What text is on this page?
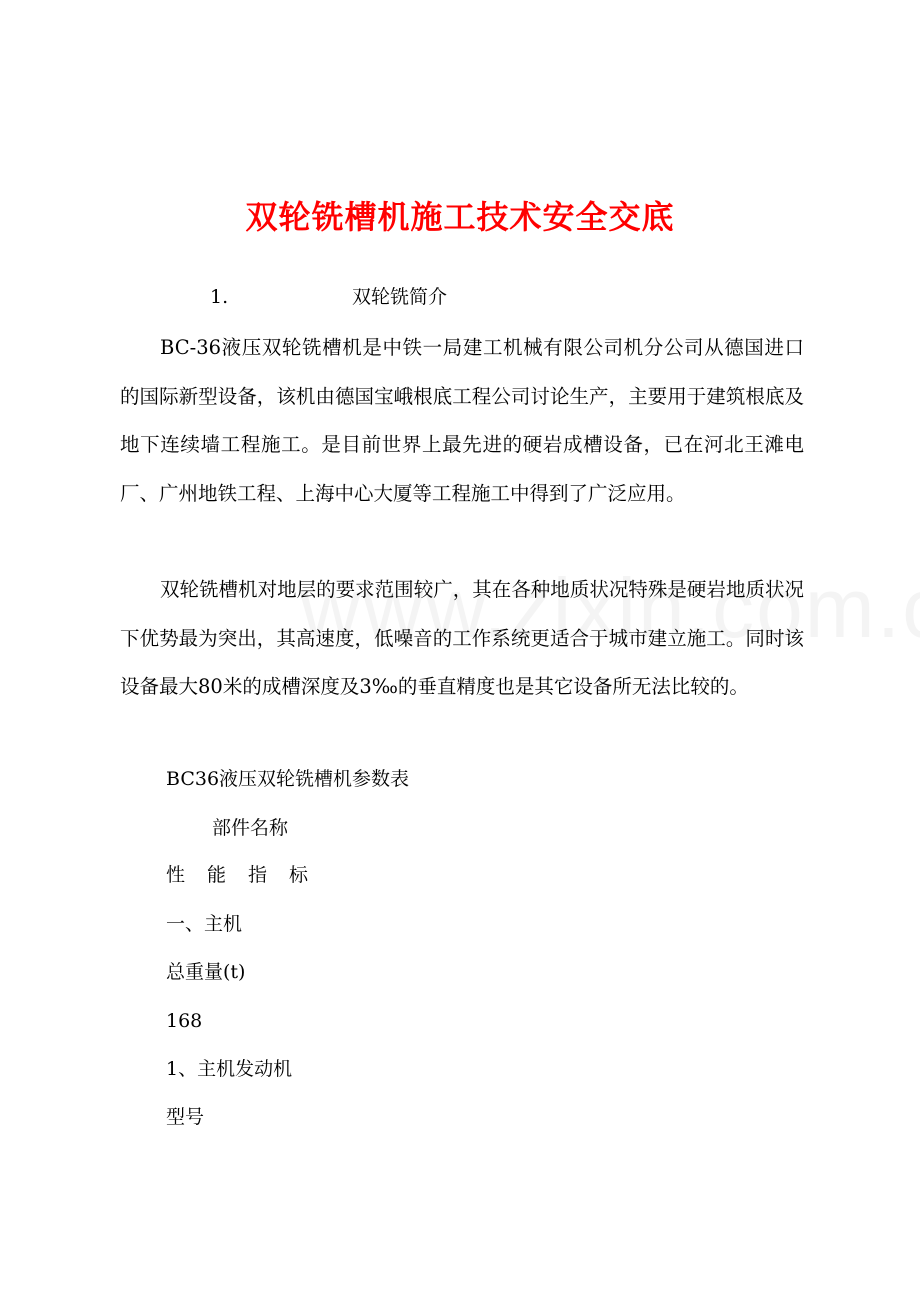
双轮铣槽机施工技术安全交底
1.	双轮铣简介

BC-36液压双轮铣槽机是中铁一局建工机械有限公司机分公司从德国进口的国际新型设备，该机由德国宝峨根底工程公司讨论生产，主要用于建筑根底及地下连续墙工程施工。是目前世界上最先进的硬岩成槽设备，已在河北王滩电厂、广州地铁工程、上海中心大厦等工程施工中得到了广泛应用。

双轮铣槽机对地层的要求范围较广，其在各种地质状况特殊是硬岩地质状况下优势最为突出，其高速度，低噪音的工作系统更适合于城市建立施工。同时该设备最大80米的成槽深度及3‰的垂直精度也是其它设备所无法比较的。

BC36液压双轮铣槽机参数表
部件名称
性 能 指 标
一、主机
总重量(t)
168
1、主机发动机
型号
